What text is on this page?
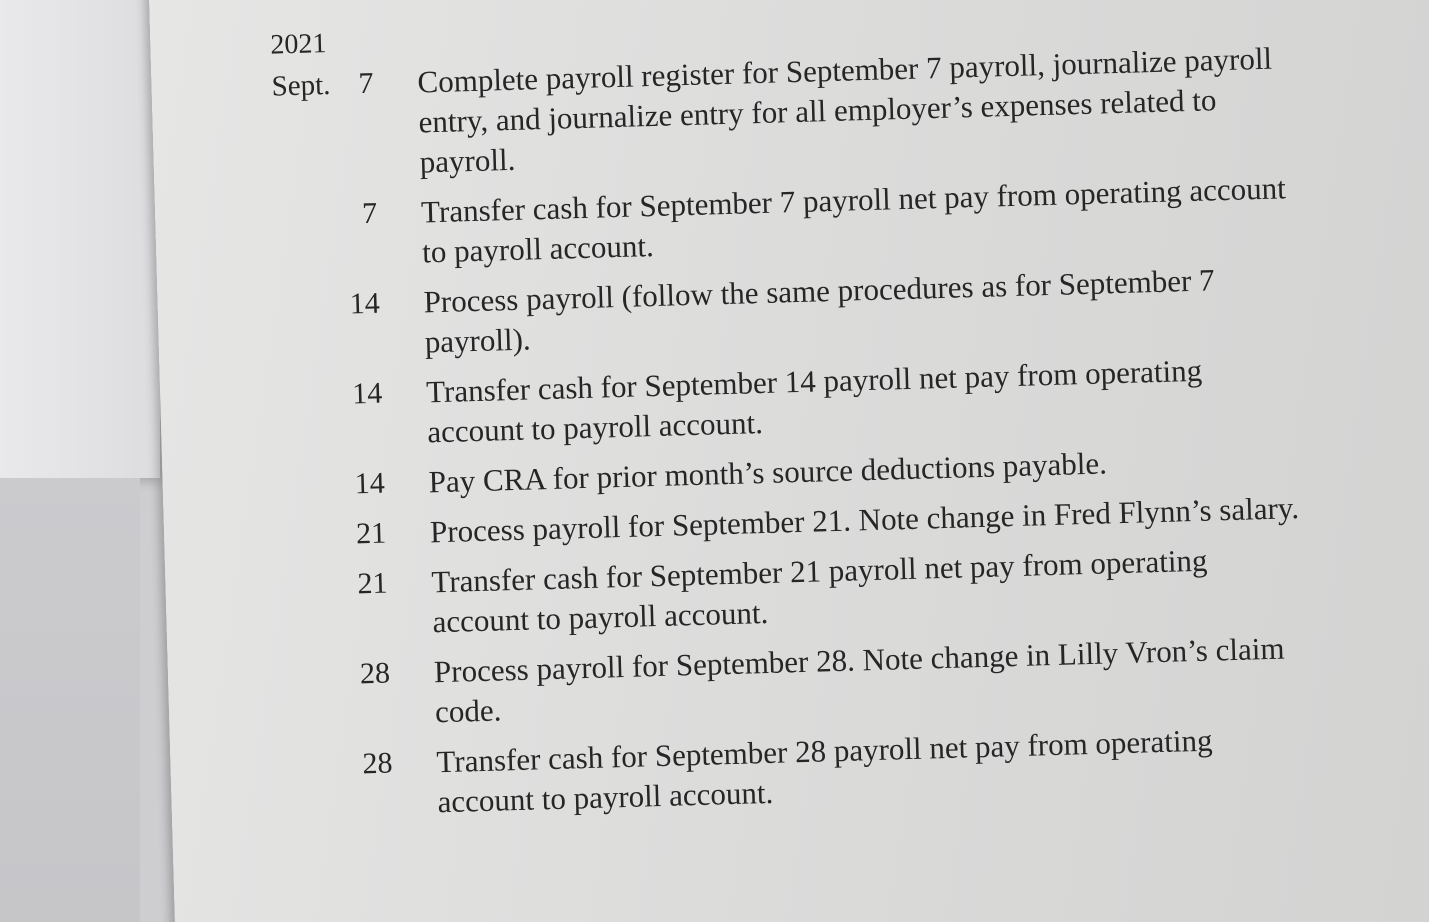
2021
Sept. 7 Complete payroll register for September 7 payroll, journalize payroll entry, and journalize entry for all employer’s expenses related to payroll.
7 Transfer cash for September 7 payroll net pay from operating account to payroll account.
14 Process payroll (follow the same procedures as for September 7 payroll).
14 Transfer cash for September 14 payroll net pay from operating account to payroll account.
14 Pay CRA for prior month’s source deductions payable.
21 Process payroll for September 21. Note change in Fred Flynn’s salary.
21 Transfer cash for September 21 payroll net pay from operating account to payroll account.
28 Process payroll for September 28. Note change in Lilly Vron’s claim code.
28 Transfer cash for September 28 payroll net pay from operating account to payroll account.
